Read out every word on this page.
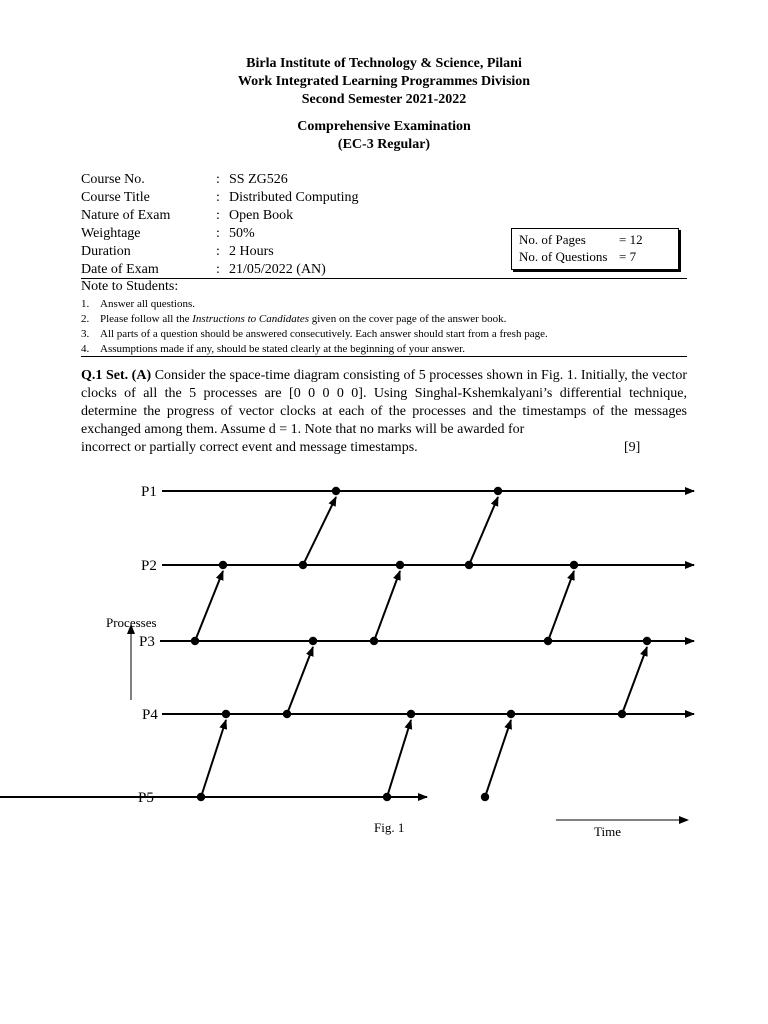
Birla Institute of Technology & Science, Pilani
Work Integrated Learning Programmes Division
Second Semester 2021-2022
Comprehensive Examination
(EC-3 Regular)
Course No.	: SS ZG526
Course Title	: Distributed Computing
Nature of Exam	: Open Book
Weightage	: 50%
Duration	: 2 Hours
Date of Exam	: 21/05/2022 (AN)
No. of Pages	= 12
No. of Questions = 7
Note to Students:
1. Answer all questions.
2. Please follow all the Instructions to Candidates given on the cover page of the answer book.
3. All parts of a question should be answered consecutively. Each answer should start from a fresh page.
4. Assumptions made if any, should be stated clearly at the beginning of your answer.
Q.1 Set. (A) Consider the space-time diagram consisting of 5 processes shown in Fig. 1. Initially, the vector clocks of all the 5 processes are [0 0 0 0 0]. Using Singhal-Kshemkalyani’s differential technique, determine the progress of vector clocks at each of the processes and the timestamps of the messages exchanged among them. Assume d = 1. Note that no marks will be awarded for
incorrect or partially correct event and message timestamps.	[9]
P1
P2
P3
P4
P5
Processes
Time
Fig. 1
